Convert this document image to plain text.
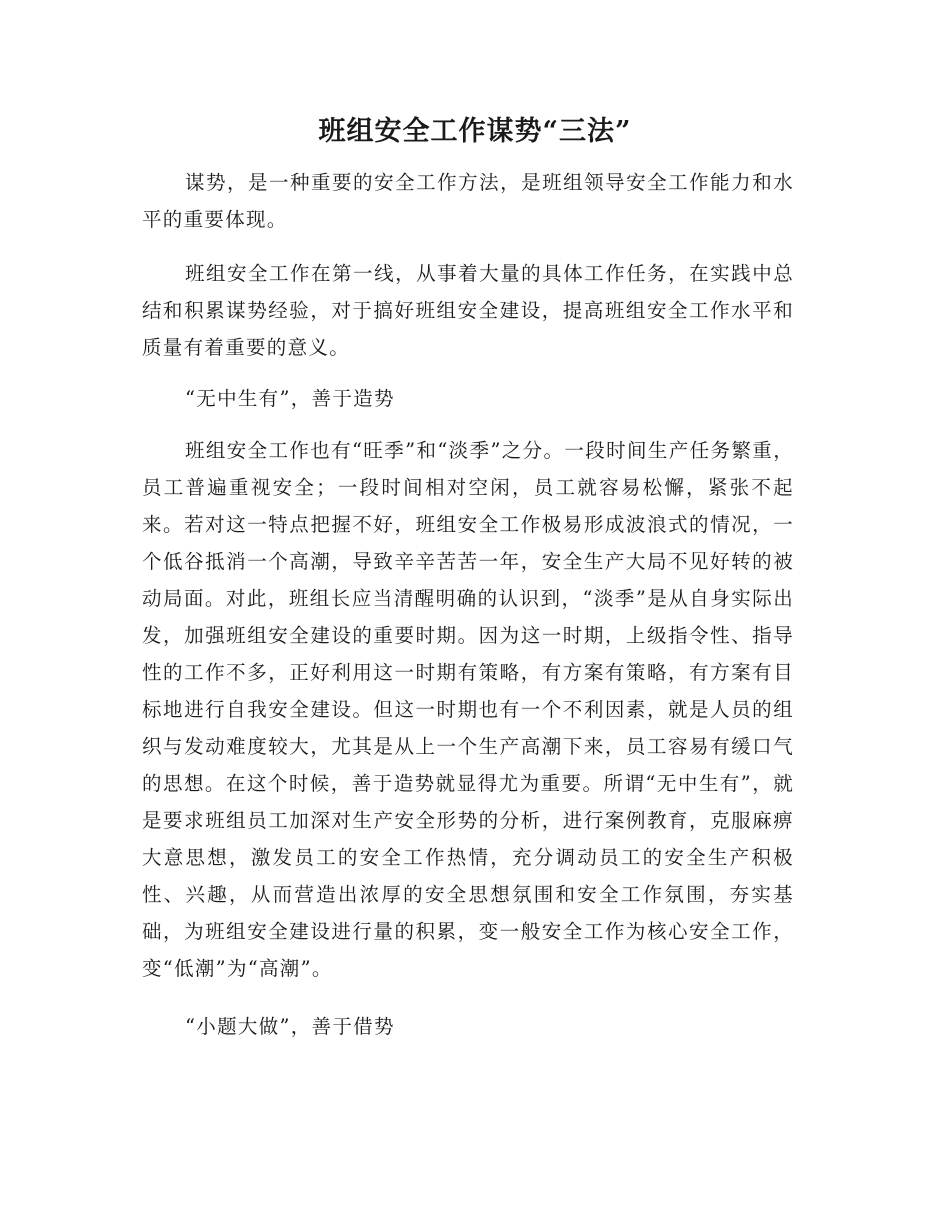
班组安全工作谋势“三法”

谋势，是一种重要的安全工作方法，是班组领导安全工作能力和水平的重要体现。

班组安全工作在第一线，从事着大量的具体工作任务，在实践中总结和积累谋势经验，对于搞好班组安全建设，提高班组安全工作水平和质量有着重要的意义。

“无中生有”，善于造势

班组安全工作也有“旺季”和“淡季”之分。一段时间生产任务繁重，员工普遍重视安全；一段时间相对空闲，员工就容易松懈，紧张不起来。若对这一特点把握不好，班组安全工作极易形成波浪式的情况，一个低谷抵消一个高潮，导致辛辛苦苦一年，安全生产大局不见好转的被动局面。对此，班组长应当清醒明确的认识到，“淡季”是从自身实际出发，加强班组安全建设的重要时期。因为这一时期，上级指令性、指导性的工作不多，正好利用这一时期有策略，有方案有策略，有方案有目标地进行自我安全建设。但这一时期也有一个不利因素，就是人员的组织与发动难度较大，尤其是从上一个生产高潮下来，员工容易有缓口气的思想。在这个时候，善于造势就显得尤为重要。所谓“无中生有”，就是要求班组员工加深对生产安全形势的分析，进行案例教育，克服麻痹大意思想，激发员工的安全工作热情，充分调动员工的安全生产积极性、兴趣，从而营造出浓厚的安全思想氛围和安全工作氛围，夯实基础，为班组安全建设进行量的积累，变一般安全工作为核心安全工作，变“低潮”为“高潮”。

“小题大做”，善于借势
